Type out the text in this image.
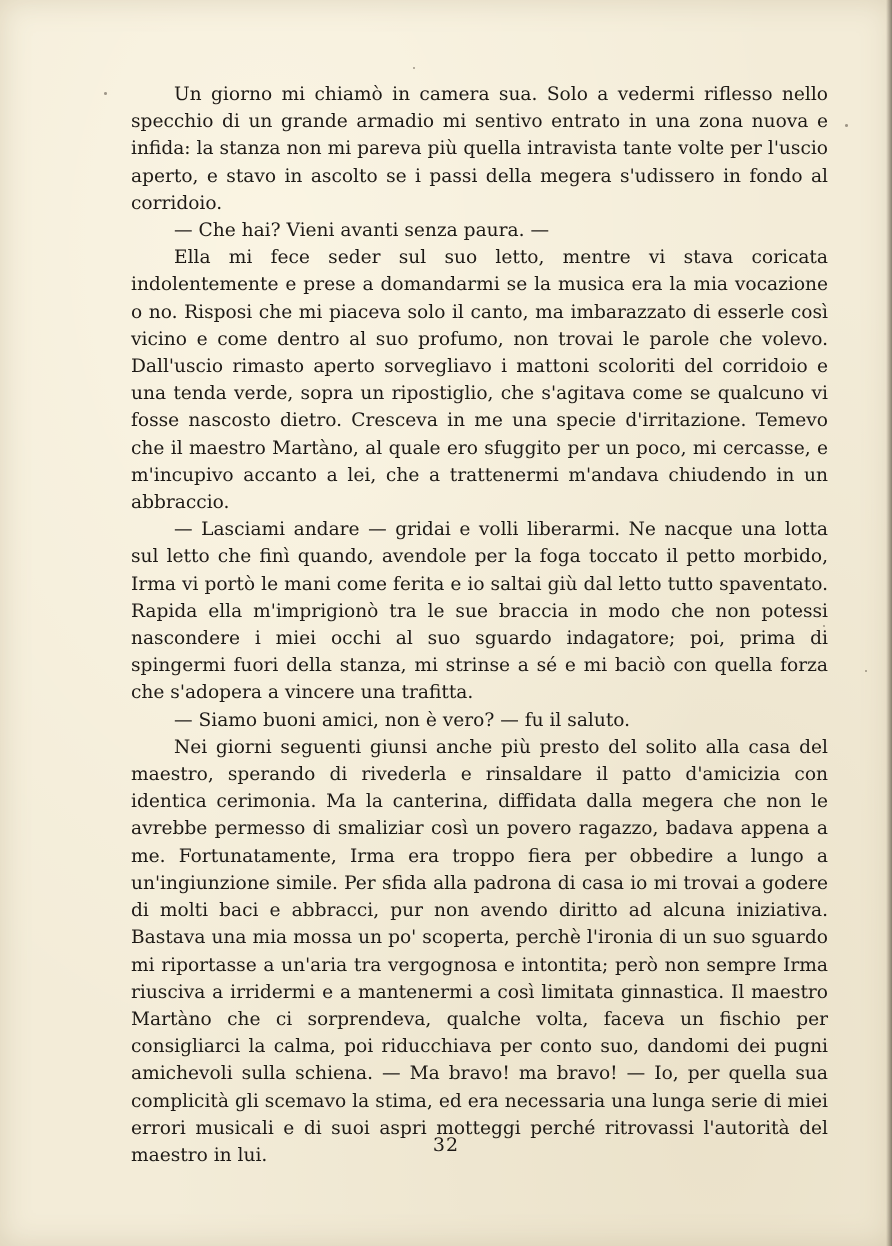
Un giorno mi chiamò in camera sua. Solo a vedermi riflesso nello specchio di un grande armadio mi sentivo entrato in una zona nuova e infida: la stanza non mi pareva più quella intravista tante volte per l'uscio aperto, e stavo in ascolto se i passi della megera s'udissero in fondo al corridoio.

— Che hai? Vieni avanti senza paura. —

Ella mi fece seder sul suo letto, mentre vi stava coricata indolentemente e prese a domandarmi se la musica era la mia vocazione o no. Risposi che mi piaceva solo il canto, ma imbarazzato di esserle così vicino e come dentro al suo profumo, non trovai le parole che volevo. Dall'uscio rimasto aperto sorvegliavo i mattoni scoloriti del corridoio e una tenda verde, sopra un ripostiglio, che s'agitava come se qualcuno vi fosse nascosto dietro. Cresceva in me una specie d'irritazione. Temevo che il maestro Martàno, al quale ero sfuggito per un poco, mi cercasse, e m'incupivo accanto a lei, che a trattenermi m'andava chiudendo in un abbraccio.

— Lasciami andare — gridai e volli liberarmi. Ne nacque una lotta sul letto che finì quando, avendole per la foga toccato il petto morbido, Irma vi portò le mani come ferita e io saltai giù dal letto tutto spaventato. Rapida ella m'imprigionò tra le sue braccia in modo che non potessi nascondere i miei occhi al suo sguardo indagatore; poi, prima di spingermi fuori della stanza, mi strinse a sé e mi baciò con quella forza che s'adopera a vincere una trafitta.

— Siamo buoni amici, non è vero? — fu il saluto.

Nei giorni seguenti giunsi anche più presto del solito alla casa del maestro, sperando di rivederla e rinsaldare il patto d'amicizia con identica cerimonia. Ma la canterina, diffidata dalla megera che non le avrebbe permesso di smaliziar così un povero ragazzo, badava appena a me. Fortunatamente, Irma era troppo fiera per obbedire a lungo a un'ingiunzione simile. Per sfida alla padrona di casa io mi trovai a godere di molti baci e abbracci, pur non avendo diritto ad alcuna iniziativa. Bastava una mia mossa un po' scoperta, perchè l'ironia di un suo sguardo mi riportasse a un'aria tra vergognosa e intontita; però non sempre Irma riusciva a irridermi e a mantenermi a così limitata ginnastica. Il maestro Martàno che ci sorprendeva, qualche volta, faceva un fischio per consigliarci la calma, poi riducchiava per conto suo, dandomi dei pugni amichevoli sulla schiena. — Ma bravo! ma bravo! — Io, per quella sua complicità gli scemavo la stima, ed era necessaria una lunga serie di miei errori musicali e di suoi aspri motteggi perché ritrovassi l'autorità del maestro in lui.	32
